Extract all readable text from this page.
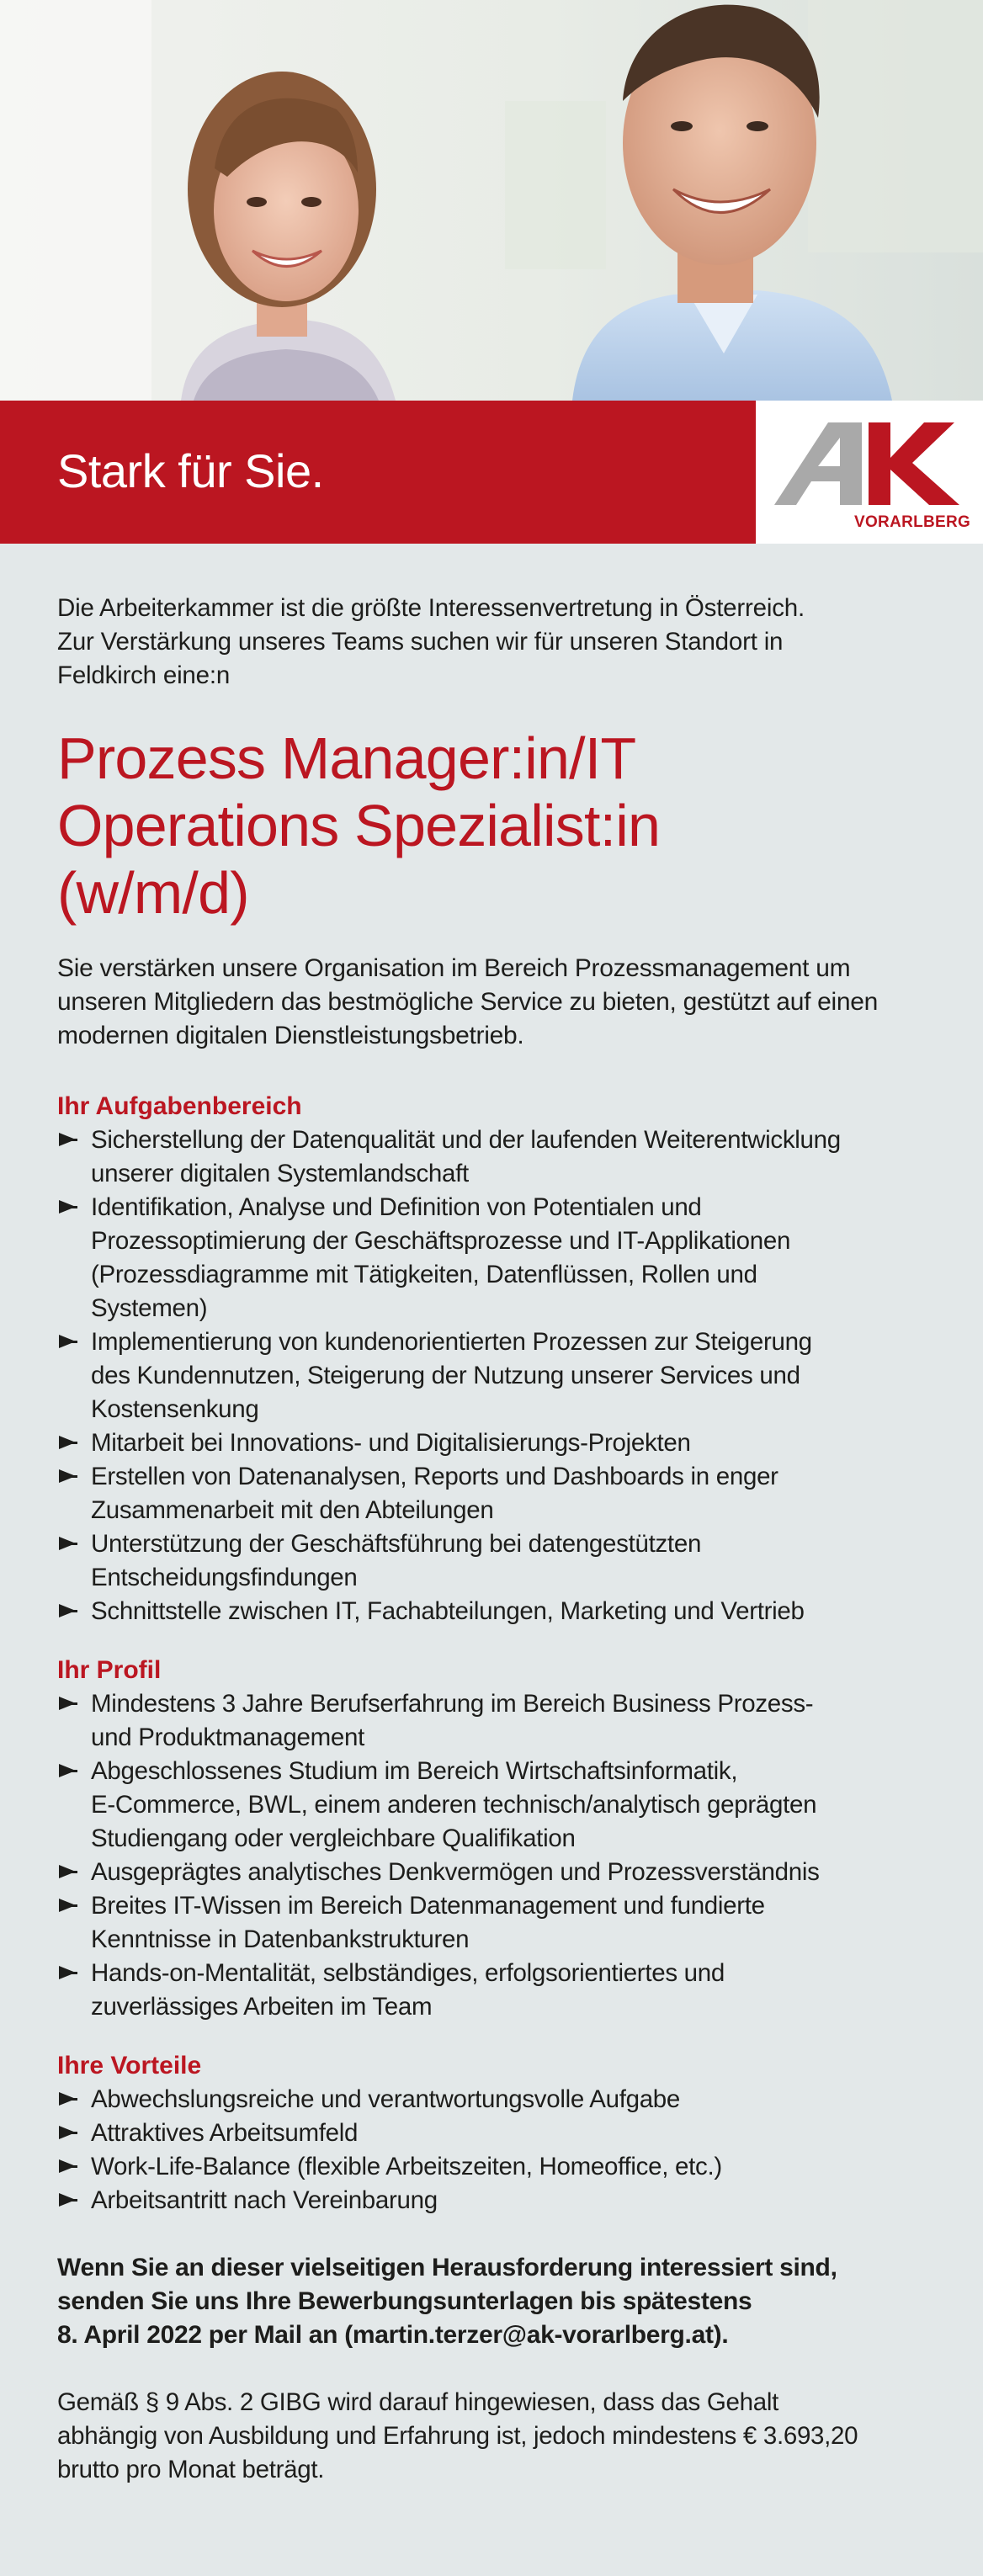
Stark für Sie.
VORARLBERG

Die Arbeiterkammer ist die größte Interessenvertretung in Österreich.
Zur Verstärkung unseres Teams suchen wir für unseren Standort in
Feldkirch eine:n

Prozess Manager:in/IT
Operations Spezialist:in
(w/m/d)

Sie verstärken unsere Organisation im Bereich Prozessmanagement um
unseren Mitgliedern das bestmögliche Service zu bieten, gestützt auf einen
modernen digitalen Dienstleistungsbetrieb.

Ihr Aufgabenbereich
Sicherstellung der Datenqualität und der laufenden Weiterentwicklung
unserer digitalen Systemlandschaft
Identifikation, Analyse und Definition von Potentialen und
Prozessoptimierung der Geschäftsprozesse und IT-Applikationen
(Prozessdiagramme mit Tätigkeiten, Datenflüssen, Rollen und
Systemen)
Implementierung von kundenorientierten Prozessen zur Steigerung
des Kundennutzen, Steigerung der Nutzung unserer Services und
Kostensenkung
Mitarbeit bei Innovations- und Digitalisierungs-Projekten
Erstellen von Datenanalysen, Reports und Dashboards in enger
Zusammenarbeit mit den Abteilungen
Unterstützung der Geschäftsführung bei datengestützten
Entscheidungsfindungen
Schnittstelle zwischen IT, Fachabteilungen, Marketing und Vertrieb
Ihr Profil
Mindestens 3 Jahre Berufserfahrung im Bereich Business Prozess-
und Produktmanagement
Abgeschlossenes Studium im Bereich Wirtschaftsinformatik,
E-Commerce, BWL, einem anderen technisch/analytisch geprägten
Studiengang oder vergleichbare Qualifikation
Ausgeprägtes analytisches Denkvermögen und Prozessverständnis
Breites IT-Wissen im Bereich Datenmanagement und fundierte
Kenntnisse in Datenbankstrukturen
Hands-on-Mentalität, selbständiges, erfolgsorientiertes und
zuverlässiges Arbeiten im Team
Ihre Vorteile
Abwechslungsreiche und verantwortungsvolle Aufgabe
Attraktives Arbeitsumfeld
Work-Life-Balance (flexible Arbeitszeiten, Homeoffice, etc.)
Arbeitsantritt nach Vereinbarung

Wenn Sie an dieser vielseitigen Herausforderung interessiert sind,
senden Sie uns Ihre Bewerbungsunterlagen bis spätestens
8. April 2022 per Mail an (martin.terzer@ak-vorarlberg.at).

Gemäß § 9 Abs. 2 GIBG wird darauf hingewiesen, dass das Gehalt
abhängig von Ausbildung und Erfahrung ist, jedoch mindestens € 3.693,20
brutto pro Monat beträgt.
